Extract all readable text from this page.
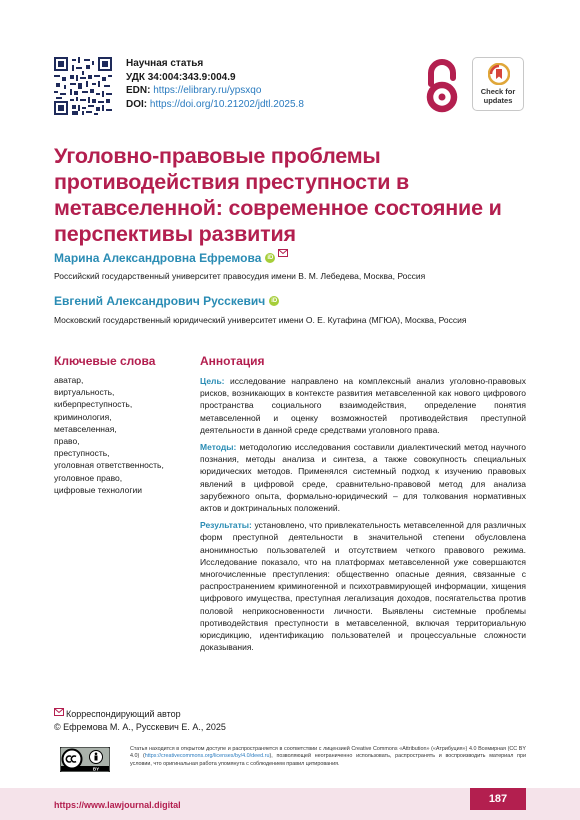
Научная статья
УДК 34:004:343.9:004.9
EDN: https://elibrary.ru/ypsxqo
DOI: https://doi.org/10.21202/jdtl.2025.8
Check for updates
Уголовно-правовые проблемы противодействия преступности в метавселенной: современное состояние и перспективы развития
Марина Александровна Ефремова iD
Российский государственный университет правосудия имени В. М. Лебедева, Москва, Россия
Евгений Александрович Русскевич iD
Московский государственный юридический университет имени О. Е. Кутафина (МГЮА), Москва, Россия
Ключевые слова	Аннотация
аватар,
виртуальность,
киберпреступность,
криминология,
метавселенная,
право,
преступность,
уголовная ответственность,
уголовное право,
цифровые технологии

Цель: исследование направлено на комплексный анализ уголовно-правовых рисков, возникающих в контексте развития метавселенной как нового цифрового пространства социального взаимодействия, определение понятия метавселенной и оценку возможностей противодействия преступной деятельности в данной среде средствами уголовного права.

Методы: методологию исследования составили диалектический метод научного познания, методы анализа и синтеза, а также совокупность специальных юридических методов. Применялся системный подход к изучению правовых явлений в цифровой среде, сравнительно-правовой метод для анализа зарубежного опыта, формально-юридический – для толкования нормативных актов и доктринальных положений.

Результаты: установлено, что привлекательность метавселенной для различных форм преступной деятельности в значительной степени обусловлена анонимностью пользователей и отсутствием четкого правового режима. Исследование показало, что на платформах метавселенной уже совершаются многочисленные преступления: общественно опасные деяния, связанные с распространением криминогенной и психотравмирующей информации, хищения цифрового имущества, преступная легализация доходов, посягательства против половой неприкосновенности личности. Выявлены системные проблемы противодействия преступности в метавселенной, включая территориальную юрисдикцию, идентификацию пользователей и процессуальные сложности доказывания.

Корреспондирующий автор
© Ефремова М. А., Русскевич Е. А., 2025
BY
Статья находится в открытом доступе и распространяется в соответствии с лицензией Creative Commons «Attribution» («Атрибуция») 4.0 Всемирная (CC BY 4.0) (https://creativecommons.org/licenses/by/4.0/deed.ru), позволяющей неограниченно использовать, распространять и воспроизводить материал при условии, что оригинальная работа упомянута с соблюдением правил цитирования.
https://www.lawjournal.digital	187
